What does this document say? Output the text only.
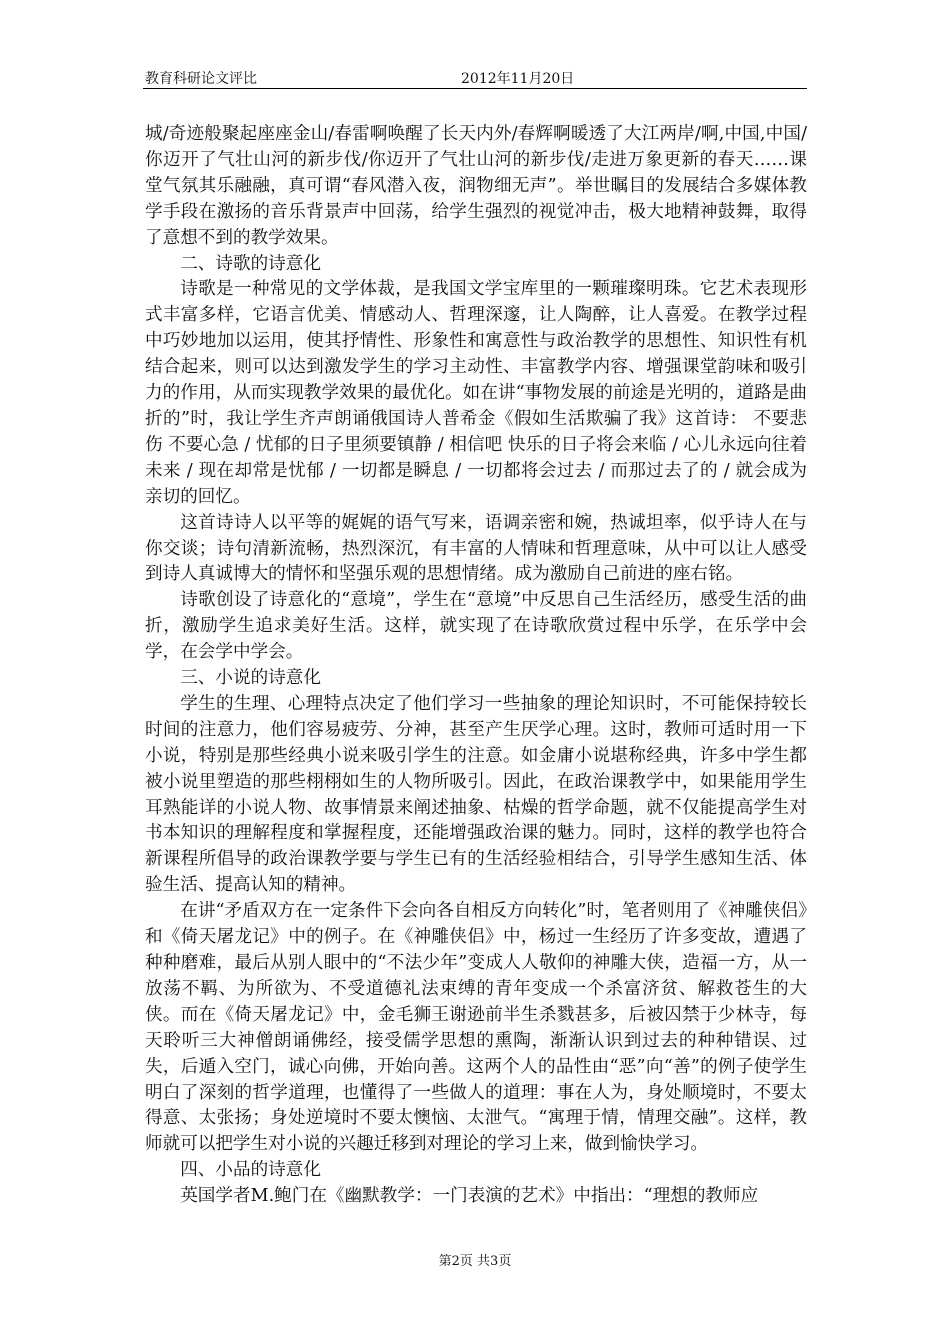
教育科研论文评比	2012年11月20日

城/奇迹般聚起座座金山/春雷啊唤醒了长天内外/春辉啊暖透了大江两岸/啊,中国,中国/你迈开了气壮山河的新步伐/你迈开了气壮山河的新步伐/走进万象更新的春天……课堂气氛其乐融融，真可谓“春风潜入夜，润物细无声”。举世瞩目的发展结合多媒体教学手段在激扬的音乐背景声中回荡，给学生强烈的视觉冲击，极大地精神鼓舞，取得了意想不到的教学效果。

二、诗歌的诗意化

诗歌是一种常见的文学体裁，是我国文学宝库里的一颗璀璨明珠。它艺术表现形式丰富多样，它语言优美、情感动人、哲理深邃，让人陶醉，让人喜爱。在教学过程中巧妙地加以运用，使其抒情性、形象性和寓意性与政治教学的思想性、知识性有机结合起来，则可以达到激发学生的学习主动性、丰富教学内容、增强课堂韵味和吸引力的作用，从而实现教学效果的最优化。如在讲“事物发展的前途是光明的，道路是曲折的”时，我让学生齐声朗诵俄国诗人普希金《假如生活欺骗了我》这首诗： 不要悲伤 不要心急 / 忧郁的日子里须要镇静 / 相信吧 快乐的日子将会来临 / 心儿永远向往着未来 / 现在却常是忧郁 / 一切都是瞬息 / 一切都将会过去 / 而那过去了的 / 就会成为亲切的回忆。

这首诗诗人以平等的娓娓的语气写来，语调亲密和婉，热诚坦率，似乎诗人在与你交谈；诗句清新流畅，热烈深沉，有丰富的人情味和哲理意味，从中可以让人感受到诗人真诚博大的情怀和坚强乐观的思想情绪。成为激励自己前进的座右铭。

诗歌创设了诗意化的“意境”，学生在“意境”中反思自己生活经历，感受生活的曲折，激励学生追求美好生活。这样，就实现了在诗歌欣赏过程中乐学，在乐学中会学，在会学中学会。

三、小说的诗意化

学生的生理、心理特点决定了他们学习一些抽象的理论知识时，不可能保持较长时间的注意力，他们容易疲劳、分神，甚至产生厌学心理。这时，教师可适时用一下小说，特别是那些经典小说来吸引学生的注意。如金庸小说堪称经典，许多中学生都被小说里塑造的那些栩栩如生的人物所吸引。因此，在政治课教学中，如果能用学生耳熟能详的小说人物、故事情景来阐述抽象、枯燥的哲学命题，就不仅能提高学生对书本知识的理解程度和掌握程度，还能增强政治课的魅力。同时，这样的教学也符合新课程所倡导的政治课教学要与学生已有的生活经验相结合，引导学生感知生活、体验生活、提高认知的精神。

在讲“矛盾双方在一定条件下会向各自相反方向转化”时，笔者则用了《神雕侠侣》和《倚天屠龙记》中的例子。在《神雕侠侣》中，杨过一生经历了许多变故，遭遇了种种磨难，最后从别人眼中的“不法少年”变成人人敬仰的神雕大侠，造福一方，从一放荡不羁、为所欲为、不受道德礼法束缚的青年变成一个杀富济贫、解救苍生的大侠。而在《倚天屠龙记》中，金毛狮王谢逊前半生杀戮甚多，后被囚禁于少林寺，每天聆听三大神僧朗诵佛经，接受儒学思想的熏陶，渐渐认识到过去的种种错误、过失，后遁入空门，诚心向佛，开始向善。这两个人的品性由“恶”向“善”的例子使学生明白了深刻的哲学道理，也懂得了一些做人的道理：事在人为，身处顺境时，不要太得意、太张扬；身处逆境时不要太懊恼、太泄气。“寓理于情，情理交融”。这样，教师就可以把学生对小说的兴趣迁移到对理论的学习上来，做到愉快学习。

四、小品的诗意化

英国学者M.鲍门在《幽默教学：一门表演的艺术》中指出：“理想的教师应

第2页 共3页
